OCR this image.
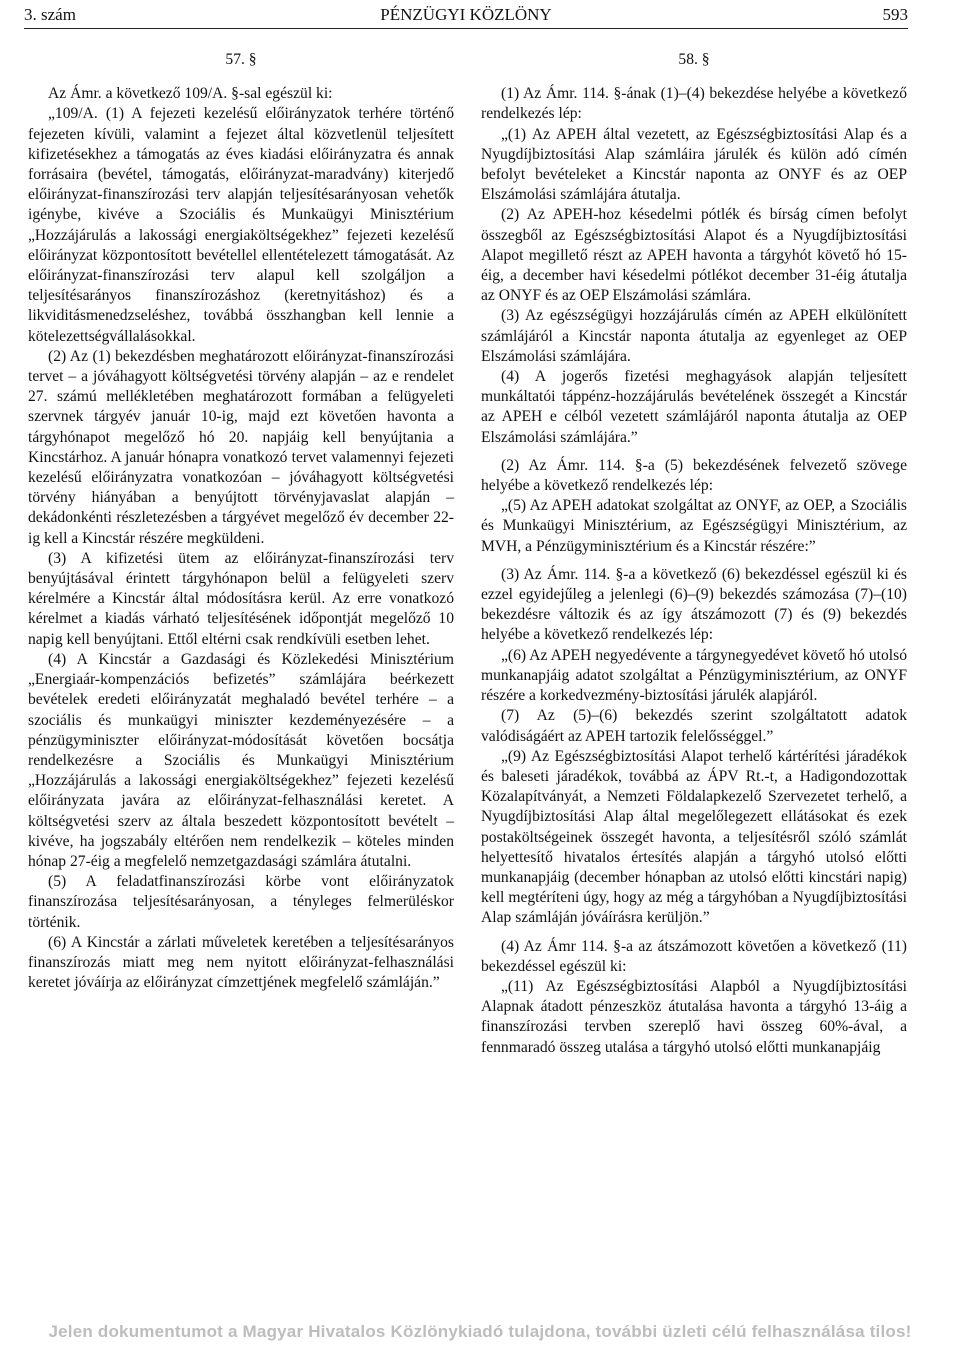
3. szám	PÉNZÜGYI KÖZLÖNY	593
57. §

Az Ámr. a következő 109/A. §-sal egészül ki:

„109/A. (1) A fejezeti kezelésű előirányzatok terhére történő fejezeten kívüli, valamint a fejezet által közvetlenül teljesített kifizetésekhez a támogatás az éves kiadási előirányzatra és annak forrásaira (bevétel, támogatás, előirányzat-maradvány) kiterjedő előirányzat-finanszírozási terv alapján teljesítésarányosan vehetők igénybe, kivéve a Szociális és Munkaügyi Minisztérium „Hozzájárulás a lakossági energiaköltségekhez” fejezeti kezelésű előirányzat központosított bevétellel ellentételezett támogatását. Az előirányzat-finanszírozási terv alapul kell szolgáljon a teljesítésarányos finanszírozáshoz (keretnyitáshoz) és a likviditásmenedzseléshez, továbbá összhangban kell lennie a kötelezettségvállalásokkal.

(2) Az (1) bekezdésben meghatározott előirányzat-finanszírozási tervet – a jóváhagyott költségvetési törvény alapján – az e rendelet 27. számú mellékletében meghatározott formában a felügyeleti szervnek tárgyév január 10-ig, majd ezt követően havonta a tárgyhónapot megelőző hó 20. napjáig kell benyújtania a Kincstárhoz. A január hónapra vonatkozó tervet valamennyi fejezeti kezelésű előirányzatra vonatkozóan – jóváhagyott költségvetési törvény hiányában a benyújtott törvényjavaslat alapján – dekádonkénti részletezésben a tárgyévet megelőző év december 22-ig kell a Kincstár részére megküldeni.

(3) A kifizetési ütem az előirányzat-finanszírozási terv benyújtásával érintett tárgyhónapon belül a felügyeleti szerv kérelmére a Kincstár által módosításra kerül. Az erre vonatkozó kérelmet a kiadás várható teljesítésének időpontját megelőző 10 napig kell benyújtani. Ettől eltérni csak rendkívüli esetben lehet.

(4) A Kincstár a Gazdasági és Közlekedési Minisztérium „Energiaár-kompenzációs befizetés” számlájára beérkezett bevételek eredeti előirányzatát meghaladó bevétel terhére – a szociális és munkaügyi miniszter kezdeményezésére – a pénzügyminiszter előirányzat-módosítását követően bocsátja rendelkezésre a Szociális és Munkaügyi Minisztérium „Hozzájárulás a lakossági energiaköltségekhez” fejezeti kezelésű előirányzata javára az előirányzat-felhasználási keretet. A költségvetési szerv az általa beszedett központosított bevételt – kivéve, ha jogszabály eltérően nem rendelkezik – köteles minden hónap 27-éig a megfelelő nemzetgazdasági számlára átutalni.

(5) A feladatfinanszírozási körbe vont előirányzatok finanszírozása teljesítésarányosan, a tényleges felmerüléskor történik.

(6) A Kincstár a zárlati műveletek keretében a teljesítésarányos finanszírozás miatt meg nem nyitott előirányzat-felhasználási keretet jóváírja az előirányzat címzettjének megfelelő számláján.”

58. §

(1) Az Ámr. 114. §-ának (1)–(4) bekezdése helyébe a következő rendelkezés lép:

„(1) Az APEH által vezetett, az Egészségbiztosítási Alap és a Nyugdíjbiztosítási Alap számláira járulék és külön adó címén befolyt bevételeket a Kincstár naponta az ONYF és az OEP Elszámolási számlájára átutalja.

(2) Az APEH-hoz késedelmi pótlék és bírság címen befolyt összegből az Egészségbiztosítási Alapot és a Nyugdíjbiztosítási Alapot megillető részt az APEH havonta a tárgyhót követő hó 15-éig, a december havi késedelmi pótlékot december 31-éig átutalja az ONYF és az OEP Elszámolási számlára.

(3) Az egészségügyi hozzájárulás címén az APEH elkülönített számlájáról a Kincstár naponta átutalja az egyenleget az OEP Elszámolási számlájára.

(4) A jogerős fizetési meghagyások alapján teljesített munkáltatói táppénz-hozzájárulás bevételének összegét a Kincstár az APEH e célból vezetett számlájáról naponta átutalja az OEP Elszámolási számlájára.”

(2) Az Ámr. 114. §-a (5) bekezdésének felvezető szövege helyébe a következő rendelkezés lép:

„(5) Az APEH adatokat szolgáltat az ONYF, az OEP, a Szociális és Munkaügyi Minisztérium, az Egészségügyi Minisztérium, az MVH, a Pénzügyminisztérium és a Kincstár részére:”

(3) Az Ámr. 114. §-a a következő (6) bekezdéssel egészül ki és ezzel egyidejűleg a jelenlegi (6)–(9) bekezdés számozása (7)–(10) bekezdésre változik és az így átszámozott (7) és (9) bekezdés helyébe a következő rendelkezés lép:

„(6) Az APEH negyedévente a tárgynegyedévet követő hó utolsó munkanapjáig adatot szolgáltat a Pénzügyminisztérium, az ONYF részére a korkedvezmény-biztosítási járulék alapjáról.

(7) Az (5)–(6) bekezdés szerint szolgáltatott adatok valódiságáért az APEH tartozik felelősséggel.”

„(9) Az Egészségbiztosítási Alapot terhelő kártérítési járadékok és baleseti járadékok, továbbá az ÁPV Rt.-t, a Hadigondozottak Közalapítványát, a Nemzeti Földalapkezelő Szervezetet terhelő, a Nyugdíjbiztosítási Alap által megelőlegezett ellátásokat és ezek postaköltségeinek összegét havonta, a teljesítésről szóló számlát helyettesítő hivatalos értesítés alapján a tárgyhó utolsó előtti munkanapjáig (december hónapban az utolsó előtti kincstári napig) kell megtéríteni úgy, hogy az még a tárgyhóban a Nyugdíjbiztosítási Alap számláján jóváírásra kerüljön.”

(4) Az Ámr 114. §-a az átszámozott követően a következő (11) bekezdéssel egészül ki:

„(11) Az Egészségbiztosítási Alapból a Nyugdíjbiztosítási Alapnak átadott pénzeszköz átutalása havonta a tárgyhó 13-áig a finanszírozási tervben szereplő havi összeg 60%-ával, a fennmaradó összeg utalása a tárgyhó utolsó előtti munkanapjáig

Jelen dokumentumot a Magyar Hivatalos Közlönykiadó tulajdona, további üzleti célú felhasználása tilos!
